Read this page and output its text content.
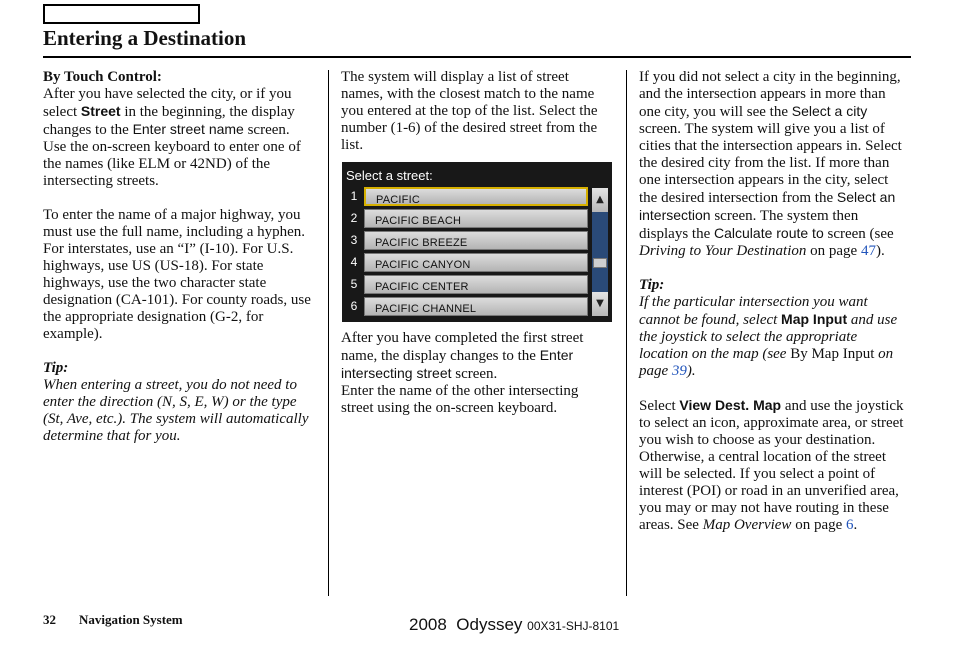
Entering a Destination

By Touch Control:

After you have selected the city, or if you select Street in the beginning, the display changes to the Enter street name screen. Use the on-screen keyboard to enter one of the names (like ELM or 42ND) of the intersecting streets.

To enter the name of a major highway, you must use the full name, including a hyphen. For interstates, use an “I” (I-10). For U.S. highways, use US (US-18). For state highways, use the two character state designation (CA-101). For county roads, use the appropriate designation (G-2, for example).

Tip:

When entering a street, you do not need to enter the direction (N, S, E, W) or the type (St, Ave, etc.). The system will automatically determine that for you.

The system will display a list of street names, with the closest match to the name you entered at the top of the list. Select the number (1-6) of the desired street from the list.

Select a street:
1 PACIFIC
2 PACIFIC BEACH
3 PACIFIC BREEZE
4 PACIFIC CANYON
5 PACIFIC CENTER
6 PACIFIC CHANNEL
▲
▼

After you have completed the first street name, the display changes to the Enter intersecting street screen.

Enter the name of the other intersecting street using the on-screen keyboard.

If you did not select a city in the beginning, and the intersection appears in more than one city, you will see the Select a city screen. The system will give you a list of cities that the intersection appears in. Select the desired city from the list. If more than one intersection appears in the city, select the desired intersection from the Select an intersection screen. The system then displays the Calculate route to screen (see Driving to Your Destination on page 47).

Tip:

If the particular intersection you want cannot be found, select Map Input and use the joystick to select the appropriate location on the map (see By Map Input on page 39).

Select View Dest. Map and use the joystick to select an icon, approximate area, or street you wish to choose as your destination. Otherwise, a central location of the street will be selected. If you select a point of interest (POI) or road in an unverified area, you may or may not have routing in these areas. See Map Overview on page 6.

32 Navigation System	2008  Odyssey 00X31-SHJ-8101
